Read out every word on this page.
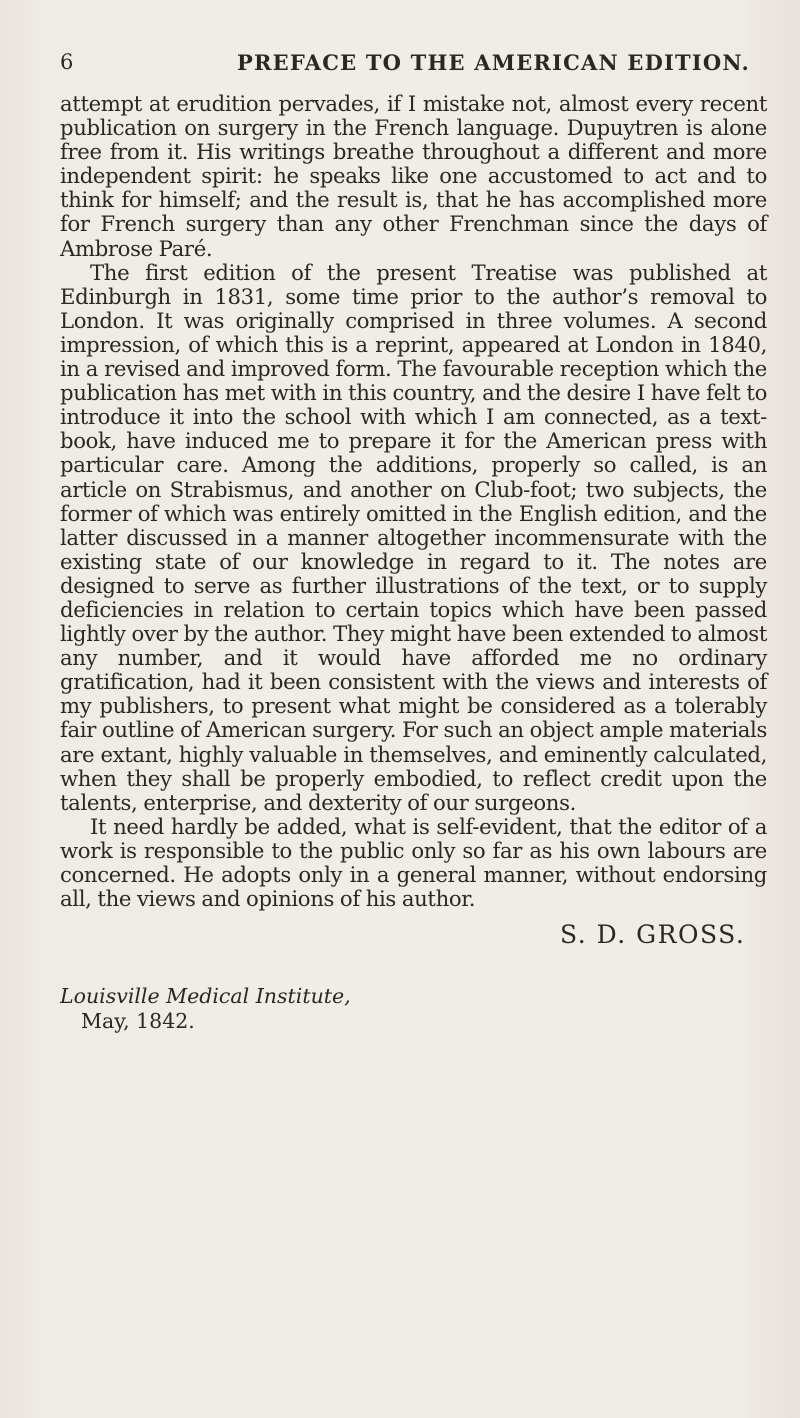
6	PREFACE TO THE AMERICAN EDITION.

attempt at erudition pervades, if I mistake not, almost every recent publication on surgery in the French language. Dupuytren is alone free from it. His writings breathe throughout a different and more independent spirit: he speaks like one accustomed to act and to think for himself; and the result is, that he has accomplished more for French surgery than any other Frenchman since the days of Ambrose Paré.

The first edition of the present Treatise was published at Edinburgh in 1831, some time prior to the author’s removal to London. It was originally comprised in three volumes. A second impression, of which this is a reprint, appeared at London in 1840, in a revised and improved form. The favourable reception which the publication has met with in this country, and the desire I have felt to introduce it into the school with which I am connected, as a text-book, have induced me to prepare it for the American press with particular care. Among the additions, properly so called, is an article on Strabismus, and another on Club-foot; two subjects, the former of which was entirely omitted in the English edition, and the latter discussed in a manner altogether incommensurate with the existing state of our knowledge in regard to it. The notes are designed to serve as further illustrations of the text, or to supply deficiencies in relation to certain topics which have been passed lightly over by the author. They might have been extended to almost any number, and it would have afforded me no ordinary gratification, had it been consistent with the views and interests of my publishers, to present what might be considered as a tolerably fair outline of American surgery. For such an object ample materials are extant, highly valuable in themselves, and eminently calculated, when they shall be properly embodied, to reflect credit upon the talents, enterprise, and dexterity of our surgeons.

It need hardly be added, what is self-evident, that the editor of a work is responsible to the public only so far as his own labours are concerned. He adopts only in a general manner, without endorsing all, the views and opinions of his author.

S. D. GROSS.
Louisville Medical Institute,
May, 1842.
